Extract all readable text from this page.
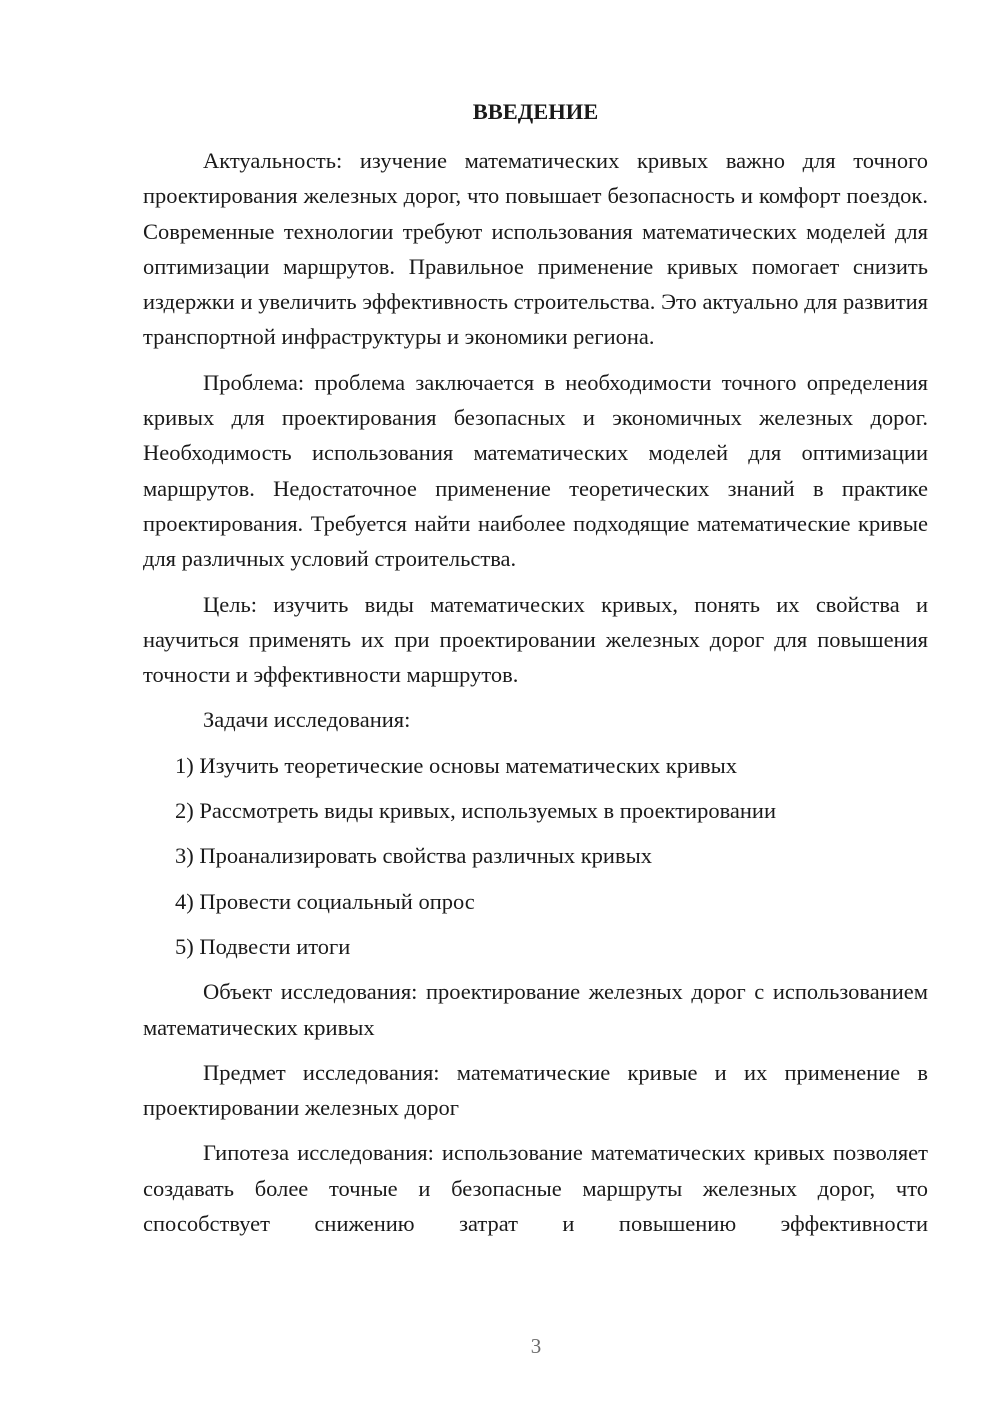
ВВЕДЕНИЕ

Актуальность: изучение математических кривых важно для точного проектирования железных дорог, что повышает безопасность и комфорт поездок. Современные технологии требуют использования математических моделей для оптимизации маршрутов. Правильное применение кривых помогает снизить издержки и увеличить эффективность строительства. Это актуально для развития транспортной инфраструктуры и экономики региона.

Проблема: проблема заключается в необходимости точного определения кривых для проектирования безопасных и экономичных железных дорог. Необходимость использования математических моделей для оптимизации маршрутов. Недостаточное применение теоретических знаний в практике проектирования. Требуется найти наиболее подходящие математические кривые для различных условий строительства.

Цель: изучить виды математических кривых, понять их свойства и научиться применять их при проектировании железных дорог для повышения точности и эффективности маршрутов.

Задачи исследования:

1) Изучить теоретические основы математических кривых

2) Рассмотреть виды кривых, используемых в проектировании

3) Проанализировать свойства различных кривых

4) Провести социальный опрос

5) Подвести итоги

Объект исследования: проектирование железных дорог с использованием математических кривых

Предмет исследования: математические кривые и их применение в проектировании железных дорог

Гипотеза исследования: использование математических кривых позволяет создавать более точные и безопасные маршруты железных дорог, что способствует снижению затрат и повышению эффективности

3
